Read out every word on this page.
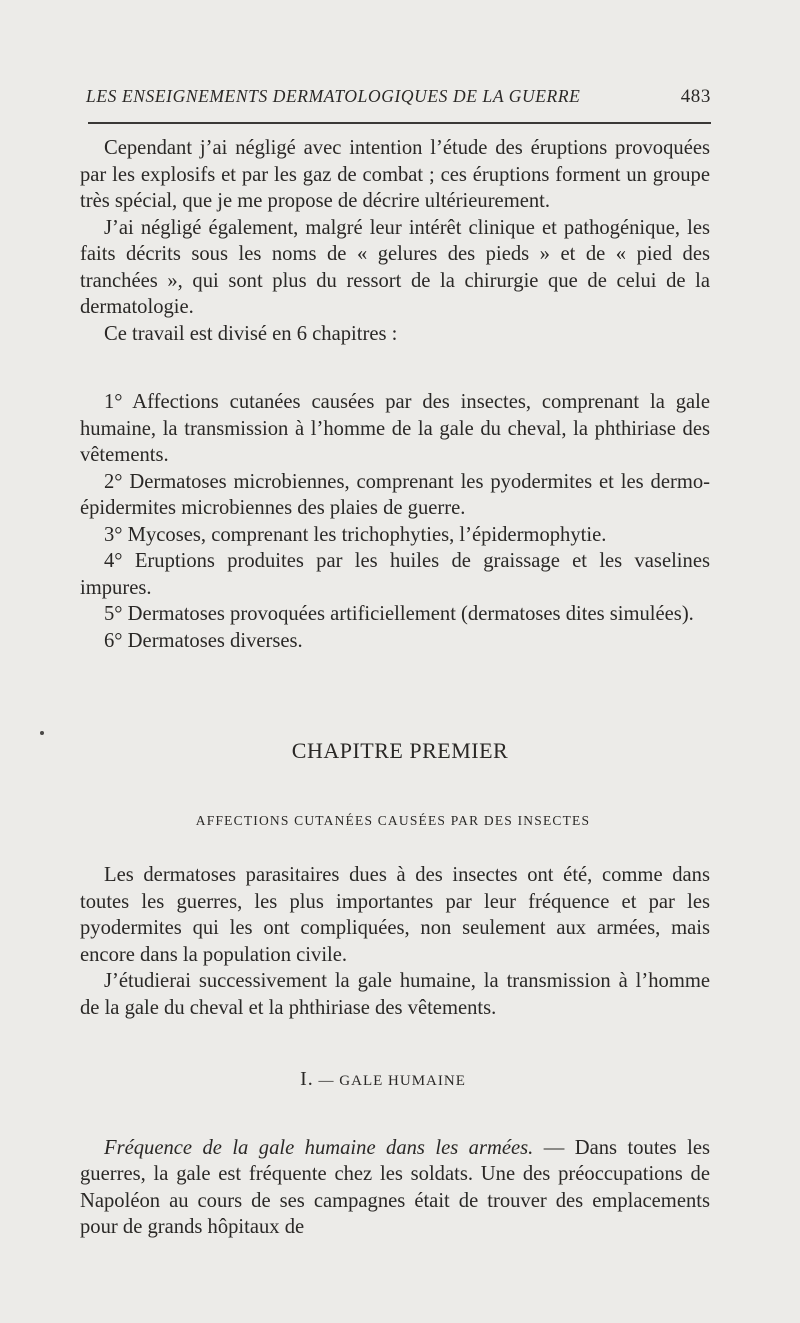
LES ENSEIGNEMENTS DERMATOLOGIQUES DE LA GUERRE	483

Cependant j’ai négligé avec intention l’étude des éruptions provoquées par les explosifs et par les gaz de combat ; ces éruptions forment un groupe très spécial, que je me propose de décrire ultérieurement.

J’ai négligé également, malgré leur intérêt clinique et pathogénique, les faits décrits sous les noms de « gelures des pieds » et de « pied des tranchées », qui sont plus du ressort de la chirurgie que de celui de la dermatologie.

Ce travail est divisé en 6 chapitres :

1° Affections cutanées causées par des insectes, comprenant la gale humaine, la transmission à l’homme de la gale du cheval, la phthiriase des vêtements.

2° Dermatoses microbiennes, comprenant les pyodermites et les dermo-épidermites microbiennes des plaies de guerre.

3° Mycoses, comprenant les trichophyties, l’épidermophytie.

4° Eruptions produites par les huiles de graissage et les vaselines impures.

5° Dermatoses provoquées artificiellement (dermatoses dites simulées).

6° Dermatoses diverses.

CHAPITRE PREMIER
AFFECTIONS CUTANÉES CAUSÉES PAR DES INSECTES

Les dermatoses parasitaires dues à des insectes ont été, comme dans toutes les guerres, les plus importantes par leur fréquence et par les pyodermites qui les ont compliquées, non seulement aux armées, mais encore dans la population civile.

J’étudierai successivement la gale humaine, la transmission à l’homme de la gale du cheval et la phthiriase des vêtements.

I. — GALE HUMAINE

Fréquence de la gale humaine dans les armées. — Dans toutes les guerres, la gale est fréquente chez les soldats. Une des préoccupations de Napoléon au cours de ses campagnes était de trouver des emplacements pour de grands hôpitaux de
